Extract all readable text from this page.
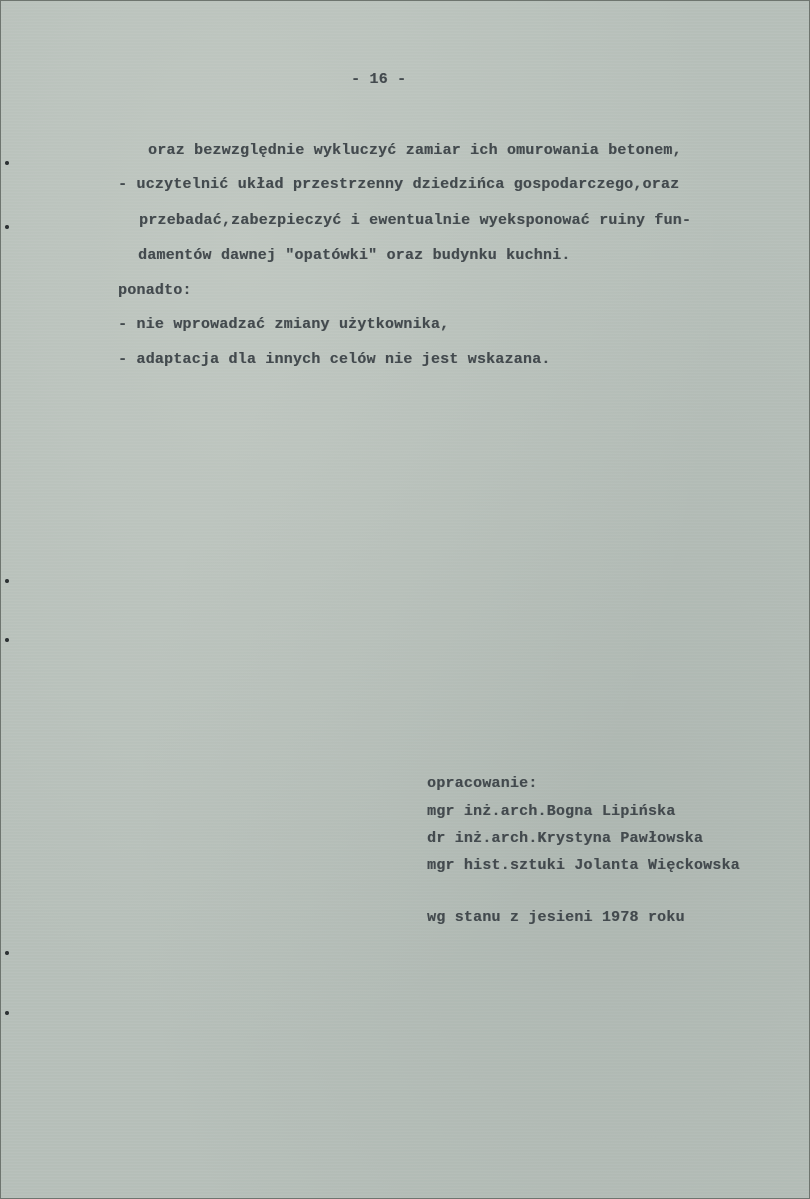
- 16 -
oraz bezwzględnie wykluczyć zamiar ich omurowania betonem,
- uczytelnić układ przestrzenny dziedzińca gospodarczego,oraz
przebadać,zabezpieczyć i ewentualnie wyeksponować ruiny fun-
damentów dawnej "opatówki" oraz budynku kuchni.
ponadto:
- nie wprowadzać zmiany użytkownika,
- adaptacja dla innych celów nie jest wskazana.
opracowanie:
mgr inż.arch.Bogna Lipińska
dr inż.arch.Krystyna Pawłowska
mgr hist.sztuki Jolanta Więckowska
wg stanu z jesieni 1978 roku
